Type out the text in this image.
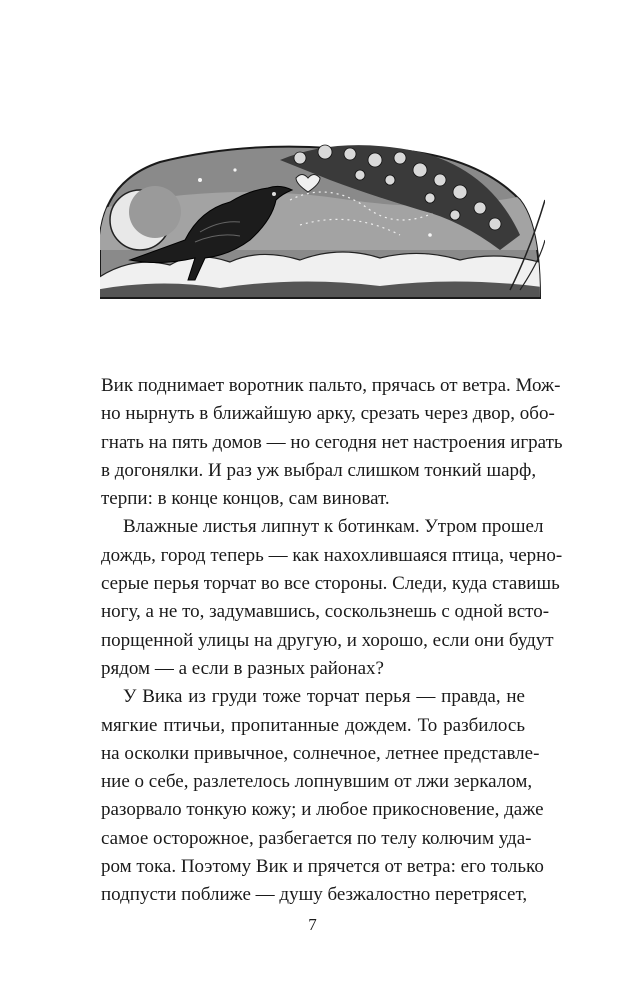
Вик поднимает воротник пальто, прячась от ветра. Мож-
но нырнуть в ближайшую арку, срезать через двор, обо-
гнать на пять домов — но сегодня нет настроения играть
в догонялки. И раз уж выбрал слишком тонкий шарф,
терпи: в конце концов, сам виноват.
Влажные листья липнут к ботинкам. Утром прошел
дождь, город теперь — как нахохлившаяся птица, черно-
серые перья торчат во все стороны. Следи, куда ставишь
ногу, а не то, задумавшись, соскользнешь с одной вcто-
порщенной улицы на другую, и хорошо, если они будут
рядом — а если в разных районах?
У Вика из груди тоже торчат перья — правда, не
мягкие птичьи, пропитанные дождем. То разбилось
на осколки привычное, солнечное, летнее представле-
ние о себе, разлетелось лопнувшим от лжи зеркалом,
разорвало тонкую кожу; и любое прикосновение, даже
самое осторожное, разбегается по телу колючим уда-
ром тока. Поэтому Вик и прячется от ветра: его только
подпусти поближе — душу безжалостно перетрясет,
7
